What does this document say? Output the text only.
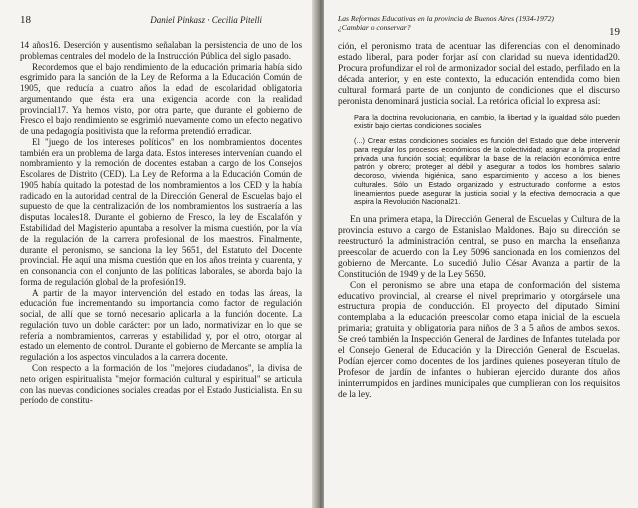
18	Daniel Pinkasz · Cecilia Pitelli

14 años16. Deserción y ausentismo señalaban la persistencia de uno de los problemas centrales del modelo de la Instrucción Pública del siglo pasado.

Recordemos que el bajo rendimiento de la educación primaria había sido esgrimido para la sanción de la Ley de Reforma a la Educación Común de 1905, que reducía a cuatro años la edad de escolaridad obligatoria argumentando que ésta era una exigencia acorde con la realidad provincial17. Ya hemos visto, por otra parte, que durante el gobierno de Fresco el bajo rendimiento se esgrimió nuevamente como un efecto negativo de una pedagogía positivista que la reforma pretendió erradicar.

El "juego de los intereses políticos" en los nombramientos docentes también era un problema de larga data. Estos intereses intervenían cuando el nombramiento y la remoción de docentes estaban a cargo de los Consejos Escolares de Distrito (CED). La Ley de Reforma a la Educación Común de 1905 había quitado la potestad de los nombramientos a los CED y la había radicado en la autoridad central de la Dirección General de Escuelas bajo el supuesto de que la centralización de los nombramientos los sustraería a las disputas locales18. Durante el gobierno de Fresco, la ley de Escalafón y Estabilidad del Magisterio apuntaba a resolver la misma cuestión, por la vía de la regulación de la carrera profesional de los maestros. Finalmente, durante el peronismo, se sanciona la ley 5651, del Estatuto del Docente provincial. He aquí una misma cuestión que en los años treinta y cuarenta, y en consonancia con el conjunto de las políticas laborales, se aborda bajo la forma de regulación global de la profesión19.

A partir de la mayor intervención del estado en todas las áreas, la educación fue incrementando su importancia como factor de regulación social, de allí que se tornó necesario aplicarla a la función docente. La regulación tuvo un doble carácter: por un lado, normativizar en lo que se refería a nombramientos, carreras y estabilidad y, por el otro, otorgar al estado un elemento de control. Durante el gobierno de Mercante se amplía la regulación a los aspectos vinculados a la carrera docente.

Con respecto a la formación de los "mejores ciudadanos", la divisa de neto origen espiritualista "mejor formación cultural y espiritual" se articula con las nuevas condiciones sociales creadas por el Estado Justicialista. En su período de constitu-

Las Reformas Educativas en la provincia de Buenos Aires (1934-1972)
¿Cambiar o conservar?	19

ción, el peronismo trata de acentuar las diferencias con el denominado estado liberal, para poder forjar así con claridad su nueva identidad20. Procura profundizar el rol de armonizador social del estado, perfilado en la década anterior, y en este contexto, la educación entendida como bien cultural formará parte de un conjunto de condiciones que el discurso peronista denominará justicia social. La retórica oficial lo expresa así:

Para la doctrina revolucionaria, en cambio, la libertad y la igualdad sólo pueden existir bajo ciertas condiciones sociales

(...) Crear estas condiciones sociales es función del Estado que debe intervenir para regular los procesos económicos de la colectividad; asignar a la propiedad privada una función social; equilibrar la base de la relación económica entre patrón y obrero; proteger al débil y asegurar a todos los hombres salario decoroso, vivienda higiénica, sano esparcimiento y acceso a los bienes culturales. Sólo un Estado organizado y estructurado conforme a estos lineamientos puede asegurar la justicia social y la efectiva democracia a que aspira la Revolución Nacional21.

En una primera etapa, la Dirección General de Escuelas y Cultura de la provincia estuvo a cargo de Estanislao Maldones. Bajo su dirección se reestructuró la administración central, se puso en marcha la enseñanza preescolar de acuerdo con la Ley 5096 sancionada en los comienzos del gobierno de Mercante. Lo sucedió Julio César Avanza a partir de la Constitución de 1949 y de la Ley 5650.

Con el peronismo se abre una etapa de conformación del sistema educativo provincial, al crearse el nivel preprimario y otorgársele una estructura propia de conducción. El proyecto del diputado Simini contemplaba a la educación preescolar como etapa inicial de la escuela primaria; gratuita y obligatoria para niños de 3 a 5 años de ambos sexos. Se creó también la Inspección General de Jardines de Infantes tutelada por el Consejo General de Educación y la Dirección General de Escuelas. Podían ejercer como docentes de los jardines quienes poseyeran título de Profesor de jardín de infantes o hubieran ejercido durante dos años ininterrumpidos en jardines municipales que cumplieran con los requisitos de la ley.
